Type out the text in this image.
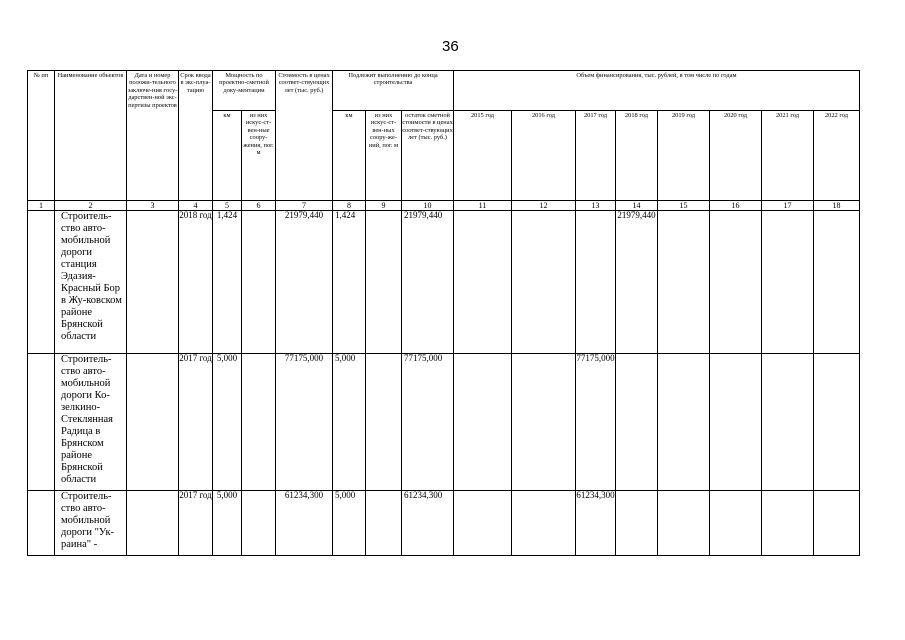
36
№ пп	Наименование объектов	Дата и номер положи-тельного заключе-ния госу-дарствен-ной экс-пертизы проектов	Срок ввода в экс-плуа-тацию	Мощность по проектно-сметной доку-ментации		Стоимость в ценах соответ-ствующих лет (тыс. руб.)	Подлежит выполнению до конца строительства			Объем финансирования, тыс. рублей, в том числе по годам							
				км	из них искус-ст-вен-ные соору-жения, пог. м		км	из них искус-ст-вен-ных соору-же-ний, пог. м	остаток сметной стоимости в ценах соответ-ствующих лет (тыс. руб.)	2015 год	2016 год	2017 год	2018 год	2019 год	2020 год	2021 год	2022 год
1	2	3	4	5	6	7	8	9	10	11	12	13	14	15	16	17	18
	Строитель-ство авто-мобильной дороги станция Эдазия-Красный Бор в Жу-ковском районе Брянской области		2018 год	1,424		21979,440	1,424		21979,440				21979,440				
	Строитель-ство авто-мобильной дороги Ко-зелкино-Стеклянная Радица в Брянском районе Брянской области		2017 год	5,000		77175,000	5,000		77175,000			77175,000					
	Строитель-ство авто-мобильной дороги "Ук-раина" -		2017 год	5,000		61234,300	5,000		61234,300			61234,300					
